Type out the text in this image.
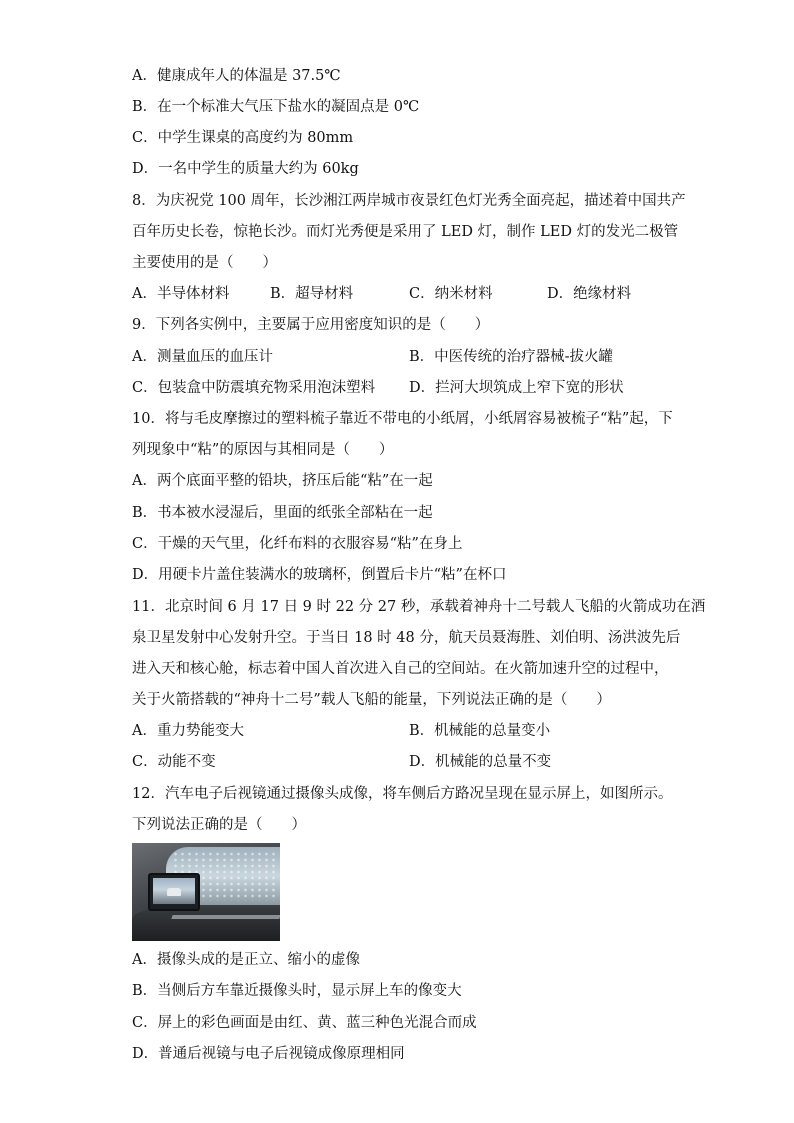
A．健康成年人的体温是 37.5℃
B．在一个标准大气压下盐水的凝固点是 0℃
C．中学生课桌的高度约为 80mm
D．一名中学生的质量大约为 60kg
8．为庆祝党 100 周年，长沙湘江两岸城市夜景红色灯光秀全面亮起，描述着中国共产
百年历史长卷，惊艳长沙。而灯光秀便是采用了 LED 灯，制作 LED 灯的发光二极管
主要使用的是（　　）
A．半导体材料	B．超导材料	C．纳米材料	D．绝缘材料
9．下列各实例中，主要属于应用密度知识的是（　　）
A．测量血压的血压计	B．中医传统的治疗器械-拔火罐
C．包装盒中防震填充物采用泡沫塑料 D．拦河大坝筑成上窄下宽的形状
10．将与毛皮摩擦过的塑料梳子靠近不带电的小纸屑，小纸屑容易被梳子“粘”起，下
列现象中“粘”的原因与其相同是（　　）
A．两个底面平整的铅块，挤压后能“粘”在一起
B．书本被水浸湿后，里面的纸张全部粘在一起
C．干燥的天气里，化纤布料的衣服容易“粘”在身上
D．用硬卡片盖住装满水的玻璃杯，倒置后卡片“粘”在杯口
11．北京时间 6 月 17 日 9 时 22 分 27 秒，承载着神舟十二号载人飞船的火箭成功在酒
泉卫星发射中心发射升空。于当日 18 时 48 分，航天员聂海胜、刘伯明、汤洪波先后
进入天和核心舱，标志着中国人首次进入自己的空间站。在火箭加速升空的过程中，
关于火箭搭载的“神舟十二号”载人飞船的能量，下列说法正确的是（　　）
A．重力势能变大	B．机械能的总量变小
C．动能不变	D．机械能的总量不变
12．汽车电子后视镜通过摄像头成像，将车侧后方路况呈现在显示屏上，如图所示。
下列说法正确的是（　　）
A．摄像头成的是正立、缩小的虚像
B．当侧后方车靠近摄像头时，显示屏上车的像变大
C．屏上的彩色画面是由红、黄、蓝三种色光混合而成
D．普通后视镜与电子后视镜成像原理相同
